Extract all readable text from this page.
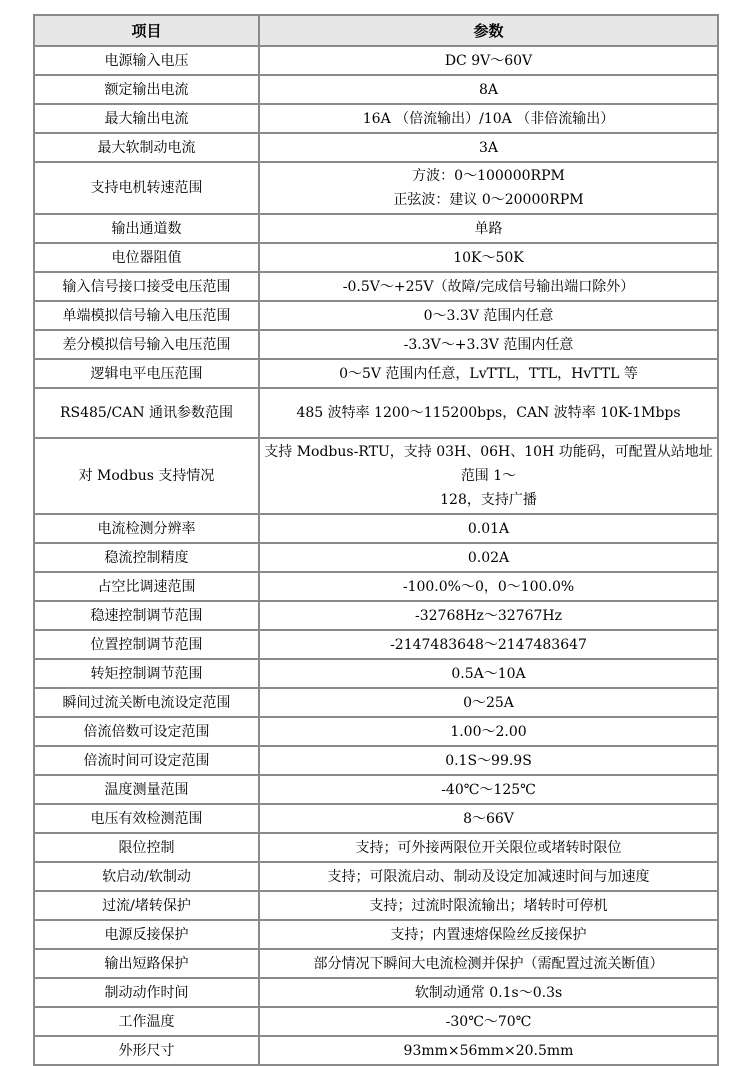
项目	参数
电源输入电压	DC 9V～60V

额定输出电流	8A

最大输出电流	16A （倍流输出）/10A （非倍流输出）

最大软制动电流	3A

支持电机转速范围	方波：0～100000RPM
正弦波：建议 0～20000RPM

输出通道数	单路

电位器阻值	10K～50K

输入信号接口接受电压范围	-0.5V～+25V（故障/完成信号输出端口除外）

单端模拟信号输入电压范围	0～3.3V 范围内任意

差分模拟信号输入电压范围	-3.3V～+3.3V 范围内任意

逻辑电平电压范围	0～5V 范围内任意，LvTTL，TTL，HvTTL 等

RS485/CAN 通讯参数范围	485 波特率 1200～115200bps，CAN 波特率 10K-1Mbps

对 Modbus 支持情况	支持 Modbus-RTU，支持 03H、06H、10H 功能码，可配置从站地址范围 1～
128，支持广播

电流检测分辨率	0.01A

稳流控制精度	0.02A

占空比调速范围	-100.0%～0，0～100.0%

稳速控制调节范围	-32768Hz～32767Hz

位置控制调节范围	-2147483648～2147483647

转矩控制调节范围	0.5A～10A

瞬间过流关断电流设定范围	0～25A

倍流倍数可设定范围	1.00～2.00

倍流时间可设定范围	0.1S～99.9S

温度测量范围	-40℃～125℃

电压有效检测范围	8～66V

限位控制	支持；可外接两限位开关限位或堵转时限位

软启动/软制动	支持；可限流启动、制动及设定加减速时间与加速度

过流/堵转保护	支持；过流时限流输出；堵转时可停机

电源反接保护	支持；内置速熔保险丝反接保护

输出短路保护	部分情况下瞬间大电流检测并保护（需配置过流关断值）

制动动作时间	软制动通常 0.1s～0.3s

工作温度	-30℃～70℃

外形尺寸	93mm×56mm×20.5mm
